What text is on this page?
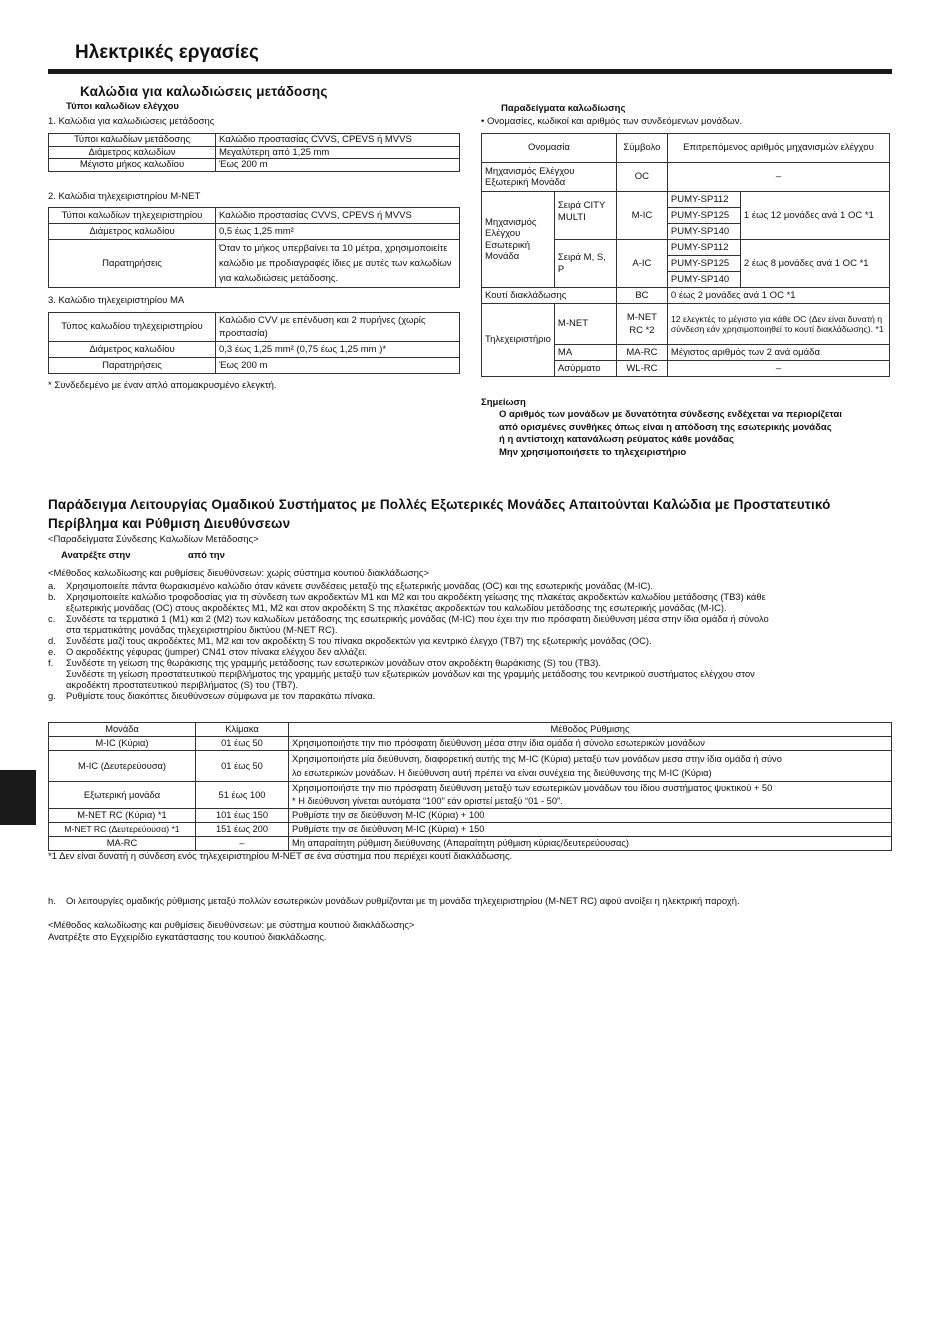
Ηλεκτρικές εργασίες
Καλώδια για καλωδιώσεις μετάδοσης
Τύποι καλωδίων ελέγχου
1. Καλώδια για καλωδιώσεις μετάδοσης
Τύποι καλωδίων μετάδοσης	Καλώδιο προστασίας CVVS, CPEVS ή MVVS
Διάμετρος καλωδίων	Μεγαλύτερη από 1,25 mm
Μέγιστο μήκος καλωδίου	Έως 200 m
2. Καλώδια τηλεχειριστηρίου M-NET
Τύποι καλωδίων τηλεχειριστηρίου	Καλώδιο προστασίας CVVS, CPEVS ή MVVS
Διάμετρος καλωδίου	0,5 έως 1,25 mm²
Παρατηρήσεις	Όταν το μήκος υπερβαίνει τα 10 μέτρα, χρησιμοποιείτε καλώδιο με προδιαγραφές ίδιες με αυτές των καλωδίων για καλωδιώσεις μετάδοσης.
3. Καλώδιο τηλεχειριστηρίου MA
Τύπος καλωδίου τηλεχειριστηρίου	Καλώδιο CVV με επένδυση και 2 πυρήνες (χωρίς προστασία)
Διάμετρος καλωδίου	0,3 έως 1,25 mm² (0,75 έως 1,25 mm )*
Παρατηρήσεις	Έως 200 m
* Συνδεδεμένο με έναν απλό απομακρυσμένο ελεγκτή.
Παραδείγματα καλωδίωσης
• Ονομασίες, κωδικοί και αριθμός των συνδεόμενων μονάδων.
Ονομασία		Σύμβολο	Επιτρεπόμενος αριθμός μηχανισμών ελέγχου	
Μηχανισμός Ελέγχου Εξωτερική Μονάδα		OC	–	
Μηχανισμός Ελέγχου Εσωτερική Μονάδα	Σειρά CITY MULTI	M-IC	PUMY-SP112	1 έως 12 μονάδες ανά 1 OC *1
			PUMY-SP125	
			PUMY-SP140	
	Σειρά M, S, P	A-IC	PUMY-SP112	2 έως 8 μονάδες ανά 1 OC *1
			PUMY-SP125	
			PUMY-SP140	
Κουτί διακλάδωσης		BC	0 έως 2 μονάδες ανά 1 OC *1	
Τηλεχειριστήριο	M-NET	M-NET RC *2	12 ελεγκτές το μέγιστο για κάθε OC (Δεν είναι δυνατή η σύνδεση εάν χρησιμοποιηθεί το κουτί διακλάδωσης). *1	
	MA	MA-RC	Μέγιστος αριθμός των 2 ανά ομάδα	
	Ασύρματο	WL-RC	–	
Σημείωση
Ο αριθμός των μονάδων με δυνατότητα σύνδεσης ενδέχεται να περιορίζεται
από ορισμένες συνθήκες όπως είναι η απόδοση της εσωτερικής μονάδας
ή η αντίστοιχη κατανάλωση ρεύματος κάθε μονάδας
Μην χρησιμοποιήσετε το τηλεχειριστήριο
Παράδειγμα Λειτουργίας Ομαδικού Συστήματος με Πολλές Εξωτερικές Μονάδες Απαιτούνται Καλώδια με Προστατευτικό Περίβλημα και Ρύθμιση Διευθύνσεων
<Παραδείγματα Σύνδεσης Καλωδίων Μετάδοσης>
Ανατρέξτε στην	από την
<Μέθοδος καλωδίωσης και ρυθμίσεις διευθύνσεων: χωρίς σύστημα κουτιού διακλάδωσης>
a. Χρησιμοποιείτε πάντα θωρακισμένο καλώδιο όταν κάνετε συνδέσεις μεταξύ της εξωτερικής μονάδας (OC) και της εσωτερικής μονάδας (M-IC).
b. Χρησιμοποιείτε καλώδιο τροφοδοσίας για τη σύνδεση των ακροδεκτών M1 και M2 και του ακροδέκτη γείωσης της πλακέτας ακροδεκτών καλωδίου μετάδοσης (TB3) κάθε
εξωτερικής μονάδας (OC) στους ακροδέκτες M1, M2 και στον ακροδέκτη S της πλακέτας ακροδεκτών του καλωδίου μετάδοσης της εσωτερικής μονάδας (M-IC).
c. Συνδέστε τα τερματικά 1 (M1) και 2 (M2) των καλωδίων μετάδοσης της εσωτερικής μονάδας (M-IC) που έχει την πιο πρόσφατη διεύθυνση μέσα στην ίδια ομάδα ή σύνολο
στα τερματικάτης μονάδας τηλεχειριστηρίου δικτύου (M-NET RC).
d. Συνδέστε μαζί τους ακροδέκτες M1, M2 και τον ακροδέκτη S του πίνακα ακροδεκτών για κεντρικό έλεγχο (TB7) της εξωτερικής μονάδας (OC).
e. Ο ακροδέκτης γέφυρας (jumper) CN41 στον πίνακα ελέγχου δεν αλλάζει.
f. Συνδέστε τη γείωση της θωράκισης της γραμμής μετάδοσης των εσωτερικών μονάδων στον ακροδέκτη θωράκισης (S) του (TB3).
Συνδέστε τη γείωση προστατευτικού περιβλήματος της γραμμής μεταξύ των εξωτερικών μονάδων και της γραμμής μετάδοσης του κεντρικού συστήματος ελέγχου στον
ακροδέκτη προστατευτικού περιβλήματος (S) του (TB7).
g. Ρυθμίστε τους διακόπτες διευθύνσεων σύμφωνα με τον παρακάτω πίνακα.
Μονάδα	Κλίμακα	Μέθοδος Ρύθμισης
M-IC (Κύρια)	01 έως 50	Χρησιμοποιήστε την πιο πρόσφατη διεύθυνση μέσα στην ίδια ομάδα ή σύνολο εσωτερικών μονάδων
M-IC (Δευτερεύουσα)	01 έως 50	Χρησιμοποιήστε μία διεύθυνση, διαφορετική αυτής της M-IC (Κύρια) μεταξύ των μονάδων μεσα στην ίδια ομάδα ή σύνο
λο εσωτερικών μονάδων. Η διεύθυνση αυτή πρέπει να είναι συνέχεια της διεύθυνσης της M-IC (Κύρια)

Εξωτερική μονάδα	51 έως 100	Χρησιμοποιήστε την πιο πρόσφατη διεύθυνση μεταξύ των εσωτερικών μονάδων του ίδιου συστήματος ψυκτικού + 50
* Η διεύθυνση γίνεται αυτόματα “100” εάν οριστεί μεταξύ “01 - 50”.

M-NET RC (Κύρια) *1	101 έως 150	Ρυθμίστε την σε διεύθυνση M-IC (Κύρια) + 100
M-NET RC (Δευτερεύουσα) *1	151 έως 200	Ρυθμίστε την σε διεύθυνση M-IC (Κύρια) + 150
MA-RC	–	Μη απαραίτητη ρύθμιση διεύθυνσης (Απαραίτητη ρύθμιση κύριας/δευτερεύουσας)
*1 Δεν είναι δυνατή η σύνδεση ενός τηλεχειριστηρίου M-NET σε ένα σύστημα που περιέχει κουτί διακλάδωσης.
h. Οι λειτουργίες ομαδικής ρύθμισης μεταξύ πολλών εσωτερικών μονάδων ρυθμίζονται με τη μονάδα τηλεχειριστηρίου (M-NET RC) αφού ανοίξει η ηλεκτρική παροχή.
<Μέθοδος καλωδίωσης και ρυθμίσεις διευθύνσεων: με σύστημα κουτιού διακλάδωσης>
Ανατρέξτε στο Εγχειρίδιο εγκατάστασης του κουτιού διακλάδωσης.
